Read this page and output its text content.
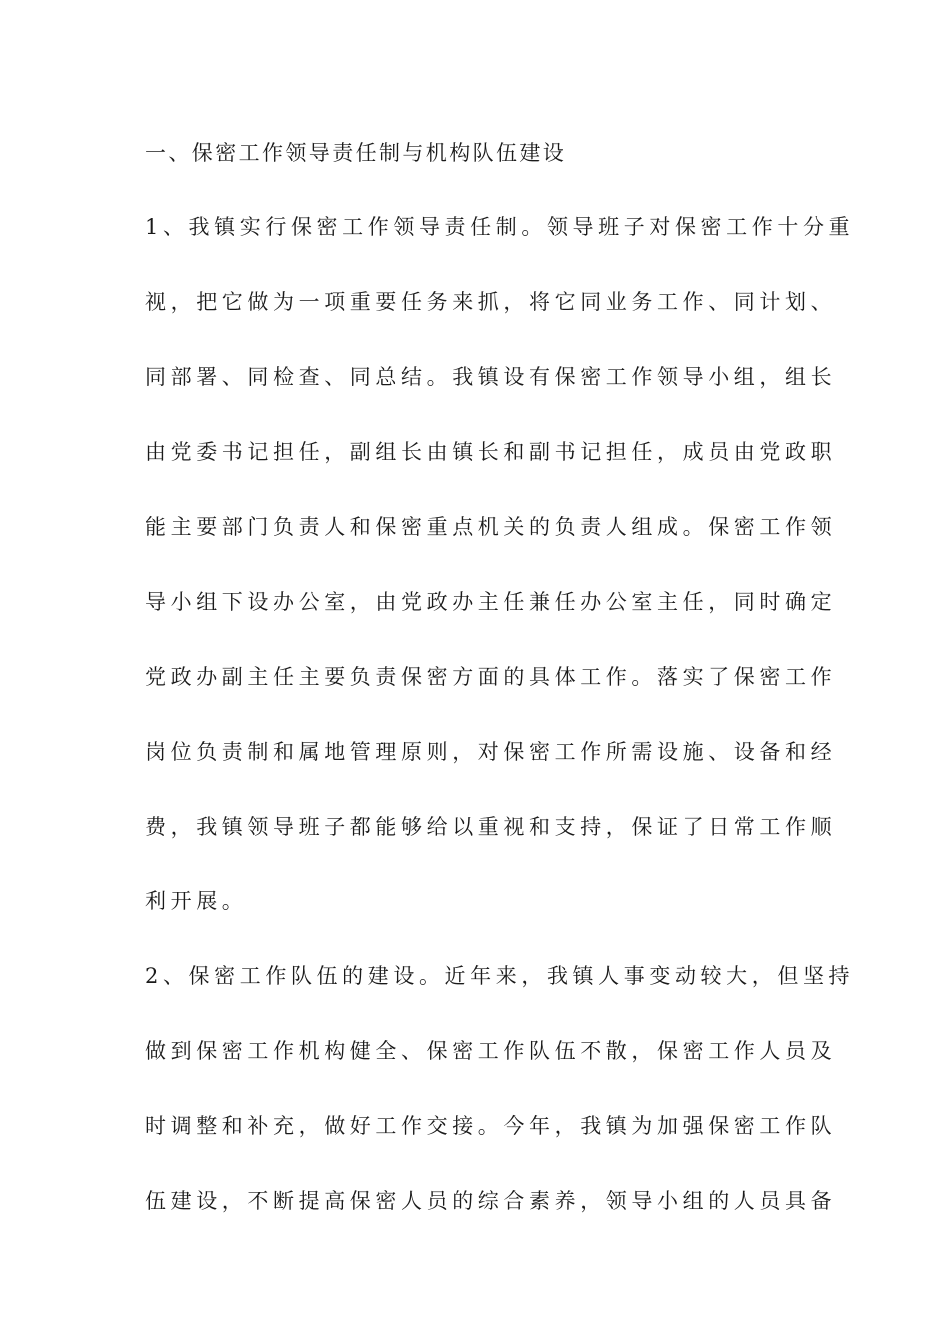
一、保密工作领导责任制与机构队伍建设
1、我镇实行保密工作领导责任制。领导班子对保密工作十分重
视，把它做为一项重要任务来抓，将它同业务工作、同计划、
同部署、同检查、同总结。我镇设有保密工作领导小组，组长
由党委书记担任，副组长由镇长和副书记担任，成员由党政职
能主要部门负责人和保密重点机关的负责人组成。保密工作领
导小组下设办公室，由党政办主任兼任办公室主任，同时确定
党政办副主任主要负责保密方面的具体工作。落实了保密工作
岗位负责制和属地管理原则，对保密工作所需设施、设备和经
费，我镇领导班子都能够给以重视和支持，保证了日常工作顺
利开展。
2、保密工作队伍的建设。近年来，我镇人事变动较大，但坚持
做到保密工作机构健全、保密工作队伍不散，保密工作人员及
时调整和补充，做好工作交接。今年，我镇为加强保密工作队
伍建设，不断提高保密人员的综合素养，领导小组的人员具备
